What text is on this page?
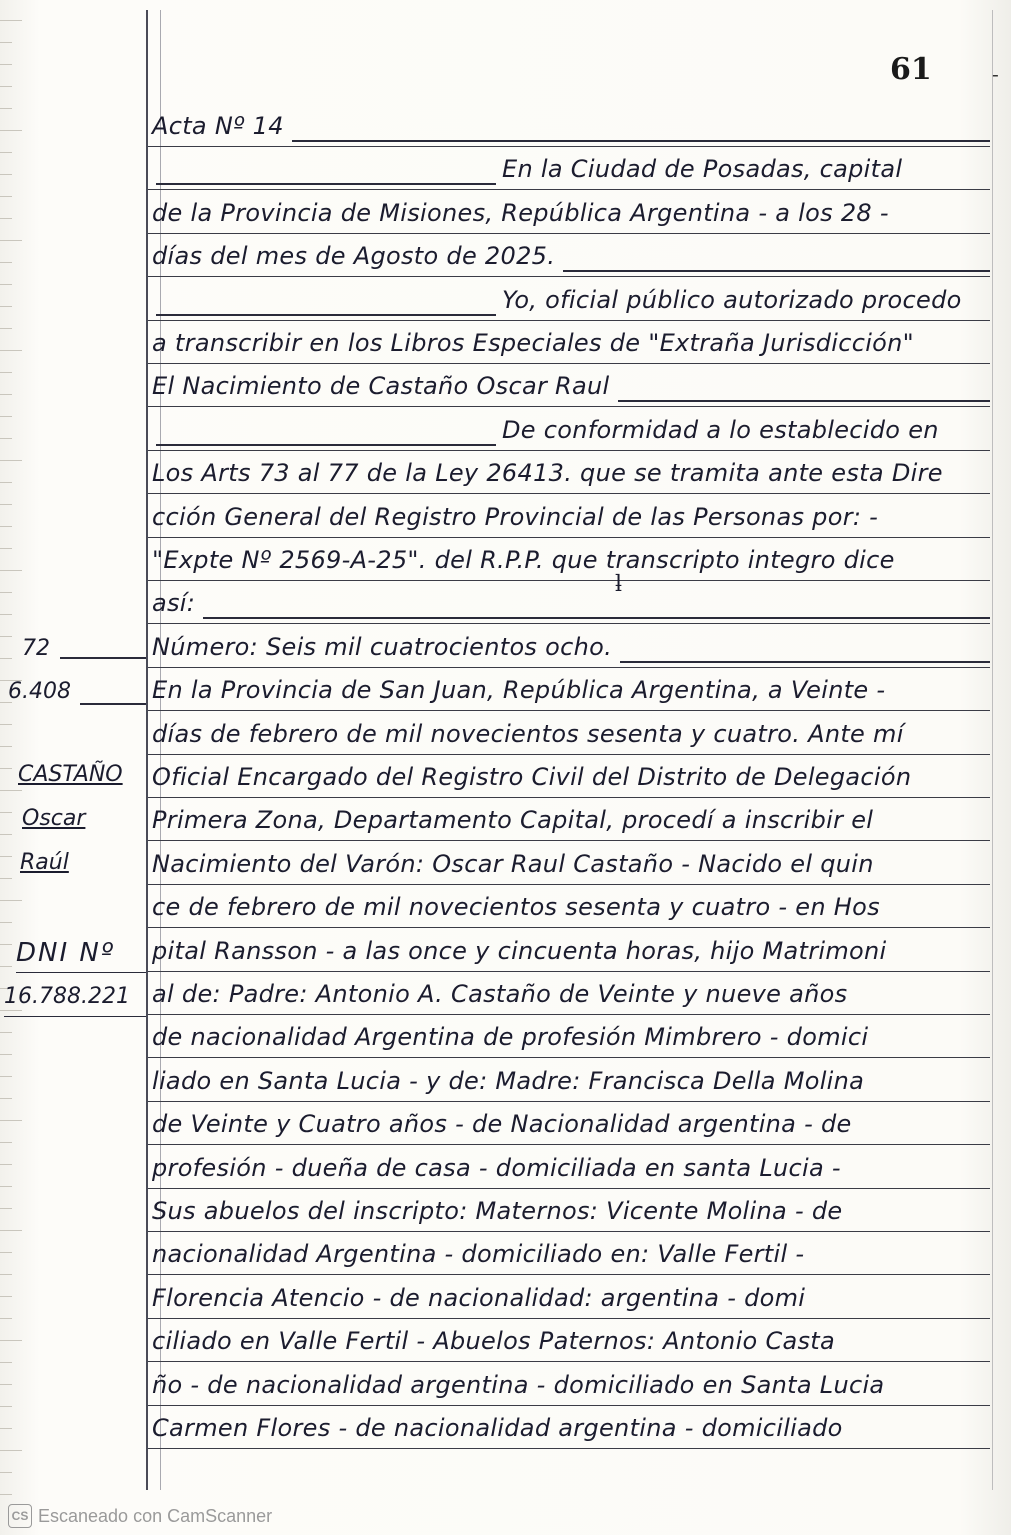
61	-
Acta Nº 14
En la Ciudad de Posadas, capital
de la Provincia de Misiones, República Argentina - a los 28 -
días del mes de Agosto de 2025.
Yo, oficial público autorizado procedo
a transcribir en los Libros Especiales de "Extraña Jurisdicción"
El Nacimiento de Castaño Oscar Raul
De conformidad a lo establecido en
Los Arts 73 al 77 de la Ley 26413. que se tramita ante esta Dire
cción General del Registro Provincial de las Personas por: -
"Expte Nº 2569-A-25". del R.P.P. que transcripto integro dice
así:
Número: Seis mil cuatrocientos ocho.
En la Provincia de San Juan, República Argentina, a Veinte -
días de febrero de mil novecientos sesenta y cuatro. Ante mí
Oficial Encargado del Registro Civil del Distrito de Delegación
Primera Zona, Departamento Capital, procedí a inscribir el
Nacimiento del Varón: Oscar Raul Castaño - Nacido el quin
ce de febrero de mil novecientos sesenta y cuatro - en Hos
pital Ransson - a las once y cincuenta horas, hijo Matrimoni
al de: Padre: Antonio A. Castaño de Veinte y nueve años
de nacionalidad Argentina de profesión Mimbrero - domici
liado en Santa Lucia - y de: Madre: Francisca Della Molina
de Veinte y Cuatro años - de Nacionalidad argentina - de
profesión - dueña de casa - domiciliada en santa Lucia -
Sus abuelos del inscripto: Maternos: Vicente Molina - de
nacionalidad Argentina - domiciliado en: Valle Fertil -
Florencia Atencio - de nacionalidad: argentina - domi
ciliado en Valle Fertil - Abuelos Paternos: Antonio Casta
ño - de nacionalidad argentina - domiciliado en Santa Lucia
Carmen Flores - de nacionalidad argentina - domiciliado
ƚ
72
6.408
CASTAÑO
Oscar
Raúl
DNI Nº
16.788.221
CS Escaneado con CamScanner
